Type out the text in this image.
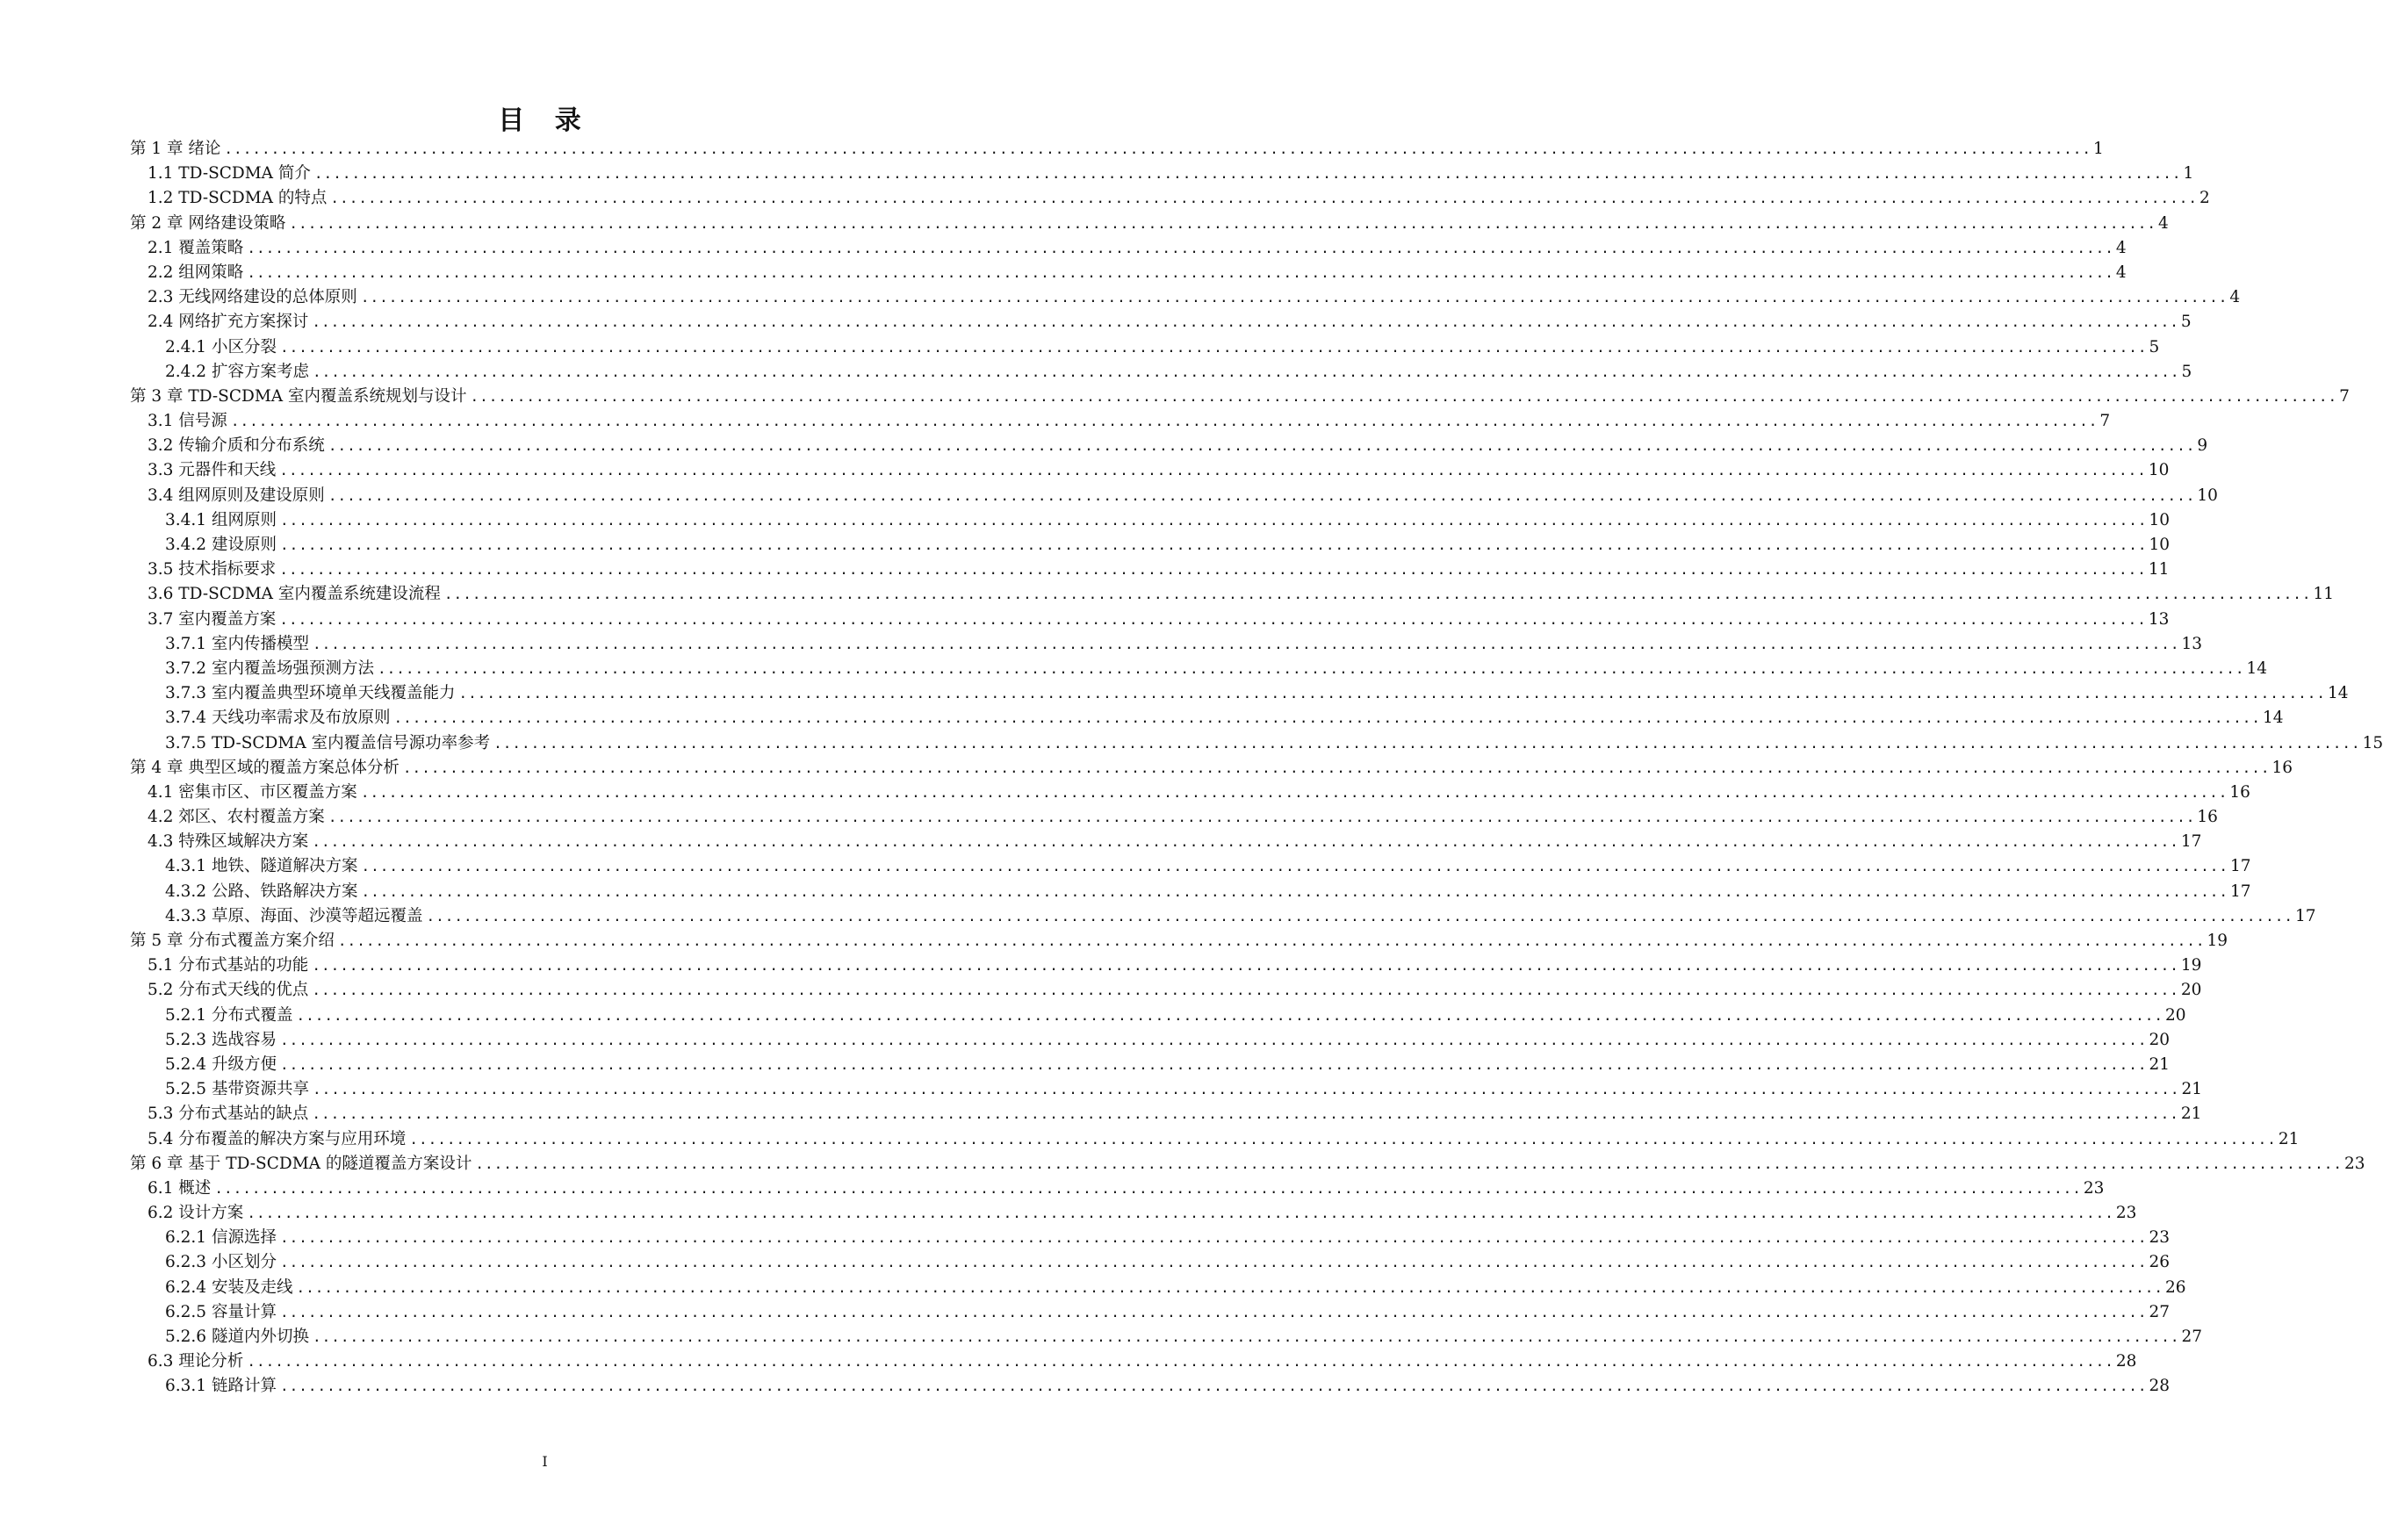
目 录
第 1 章 绪论 ........................................................................................................................................................................................................ 1
1.1 TD-SCDMA 简介 ........................................................................................................................................................................................................ 1
1.2 TD-SCDMA 的特点 ........................................................................................................................................................................................................ 2
第 2 章 网络建设策略 ........................................................................................................................................................................................................ 4
2.1 覆盖策略 ........................................................................................................................................................................................................ 4
2.2 组网策略 ........................................................................................................................................................................................................ 4
2.3 无线网络建设的总体原则 ........................................................................................................................................................................................................ 4
2.4 网络扩充方案探讨 ........................................................................................................................................................................................................ 5
2.4.1 小区分裂 ........................................................................................................................................................................................................ 5
2.4.2 扩容方案考虑 ........................................................................................................................................................................................................ 5
第 3 章 TD-SCDMA 室内覆盖系统规划与设计 ........................................................................................................................................................................................................ 7
3.1 信号源 ........................................................................................................................................................................................................ 7
3.2 传输介质和分布系统 ........................................................................................................................................................................................................ 9
3.3 元器件和天线 ........................................................................................................................................................................................................ 10
3.4 组网原则及建设原则 ........................................................................................................................................................................................................ 10
3.4.1 组网原则 ........................................................................................................................................................................................................ 10
3.4.2 建设原则 ........................................................................................................................................................................................................ 10
3.5 技术指标要求 ........................................................................................................................................................................................................ 11
3.6 TD-SCDMA 室内覆盖系统建设流程 ........................................................................................................................................................................................................ 11
3.7 室内覆盖方案 ........................................................................................................................................................................................................ 13
3.7.1 室内传播模型 ........................................................................................................................................................................................................ 13
3.7.2 室内覆盖场强预测方法 ........................................................................................................................................................................................................ 14
3.7.3 室内覆盖典型环境单天线覆盖能力 ........................................................................................................................................................................................................ 14
3.7.4 天线功率需求及布放原则 ........................................................................................................................................................................................................ 14
3.7.5 TD-SCDMA 室内覆盖信号源功率参考 ........................................................................................................................................................................................................ 15
第 4 章 典型区域的覆盖方案总体分析 ........................................................................................................................................................................................................ 16
4.1 密集市区、市区覆盖方案 ........................................................................................................................................................................................................ 16
4.2 郊区、农村覆盖方案 ........................................................................................................................................................................................................ 16
4.3 特殊区域解决方案 ........................................................................................................................................................................................................ 17
4.3.1 地铁、隧道解决方案 ........................................................................................................................................................................................................ 17
4.3.2 公路、铁路解决方案 ........................................................................................................................................................................................................ 17
4.3.3 草原、海面、沙漠等超远覆盖 ........................................................................................................................................................................................................ 17
第 5 章 分布式覆盖方案介绍 ........................................................................................................................................................................................................ 19
5.1 分布式基站的功能 ........................................................................................................................................................................................................ 19
5.2 分布式天线的优点 ........................................................................................................................................................................................................ 20
5.2.1 分布式覆盖 ........................................................................................................................................................................................................ 20
5.2.3 选战容易 ........................................................................................................................................................................................................ 20
5.2.4 升级方便 ........................................................................................................................................................................................................ 21
5.2.5 基带资源共享 ........................................................................................................................................................................................................ 21
5.3 分布式基站的缺点 ........................................................................................................................................................................................................ 21
5.4 分布覆盖的解决方案与应用环境 ........................................................................................................................................................................................................ 21
第 6 章 基于 TD-SCDMA 的隧道覆盖方案设计 ........................................................................................................................................................................................................ 23
6.1 概述 ........................................................................................................................................................................................................ 23
6.2 设计方案 ........................................................................................................................................................................................................ 23
6.2.1 信源选择 ........................................................................................................................................................................................................ 23
6.2.3 小区划分 ........................................................................................................................................................................................................ 26
6.2.4 安装及走线 ........................................................................................................................................................................................................ 26
6.2.5 容量计算 ........................................................................................................................................................................................................ 27
5.2.6 隧道内外切换 ........................................................................................................................................................................................................ 27
6.3 理论分析 ........................................................................................................................................................................................................ 28
6.3.1 链路计算 ........................................................................................................................................................................................................ 28
I
